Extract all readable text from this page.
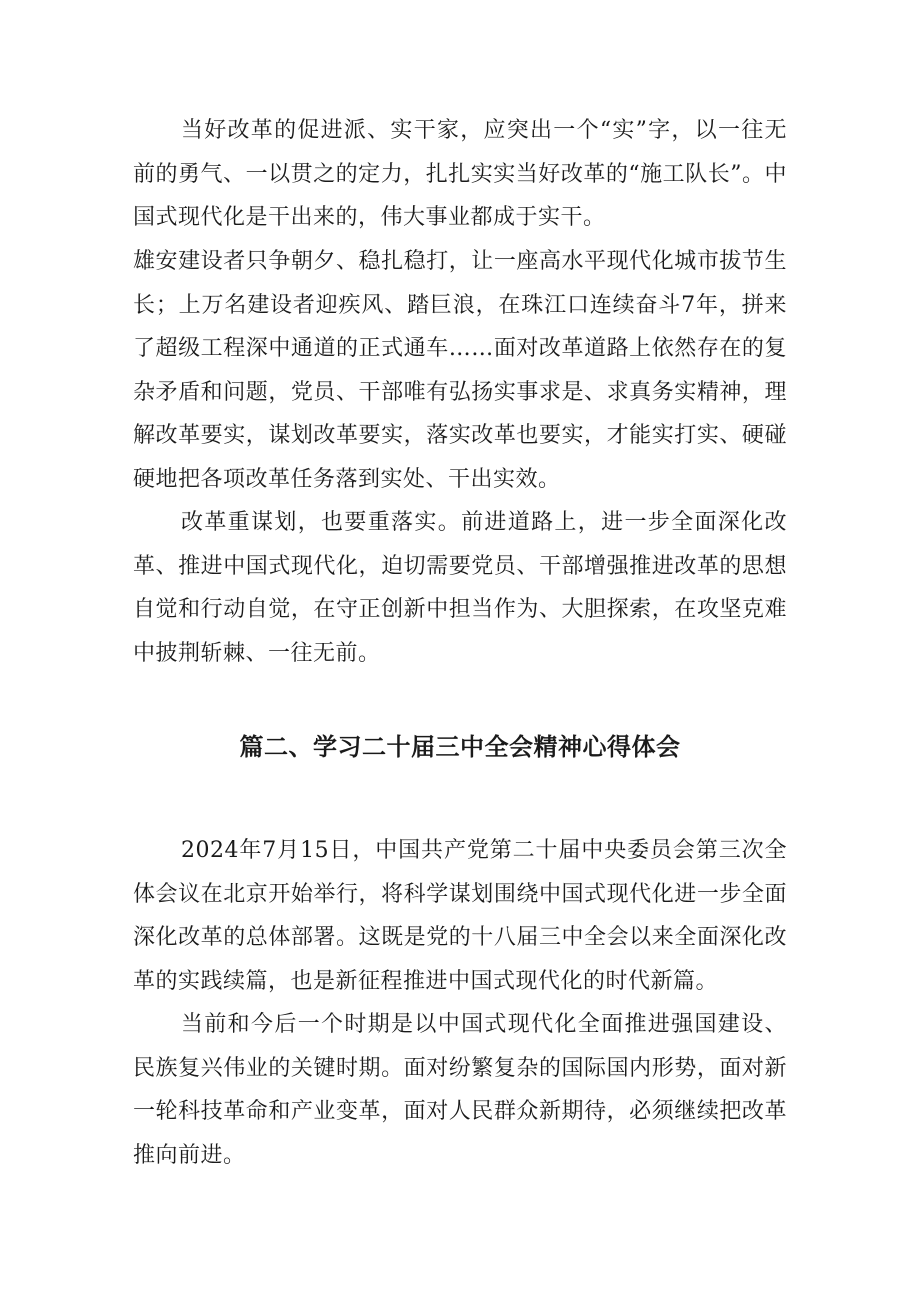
当好改革的促进派、实干家，应突出一个“实”字，以一往无前的勇气、一以贯之的定力，扎扎实实当好改革的“施工队长”。中国式现代化是干出来的，伟大事业都成于实干。

雄安建设者只争朝夕、稳扎稳打，让一座高水平现代化城市拔节生长；上万名建设者迎疾风、踏巨浪，在珠江口连续奋斗7年，拼来了超级工程深中通道的正式通车……面对改革道路上依然存在的复杂矛盾和问题，党员、干部唯有弘扬实事求是、求真务实精神，理解改革要实，谋划改革要实，落实改革也要实，才能实打实、硬碰硬地把各项改革任务落到实处、干出实效。

改革重谋划，也要重落实。前进道路上，进一步全面深化改革、推进中国式现代化，迫切需要党员、干部增强推进改革的思想自觉和行动自觉，在守正创新中担当作为、大胆探索，在攻坚克难中披荆斩棘、一往无前。

篇二、学习二十届三中全会精神心得体会

2024年7月15日，中国共产党第二十届中央委员会第三次全体会议在北京开始举行，将科学谋划围绕中国式现代化进一步全面深化改革的总体部署。这既是党的十八届三中全会以来全面深化改革的实践续篇，也是新征程推进中国式现代化的时代新篇。

当前和今后一个时期是以中国式现代化全面推进强国建设、民族复兴伟业的关键时期。面对纷繁复杂的国际国内形势，面对新一轮科技革命和产业变革，面对人民群众新期待，必须继续把改革推向前进。
